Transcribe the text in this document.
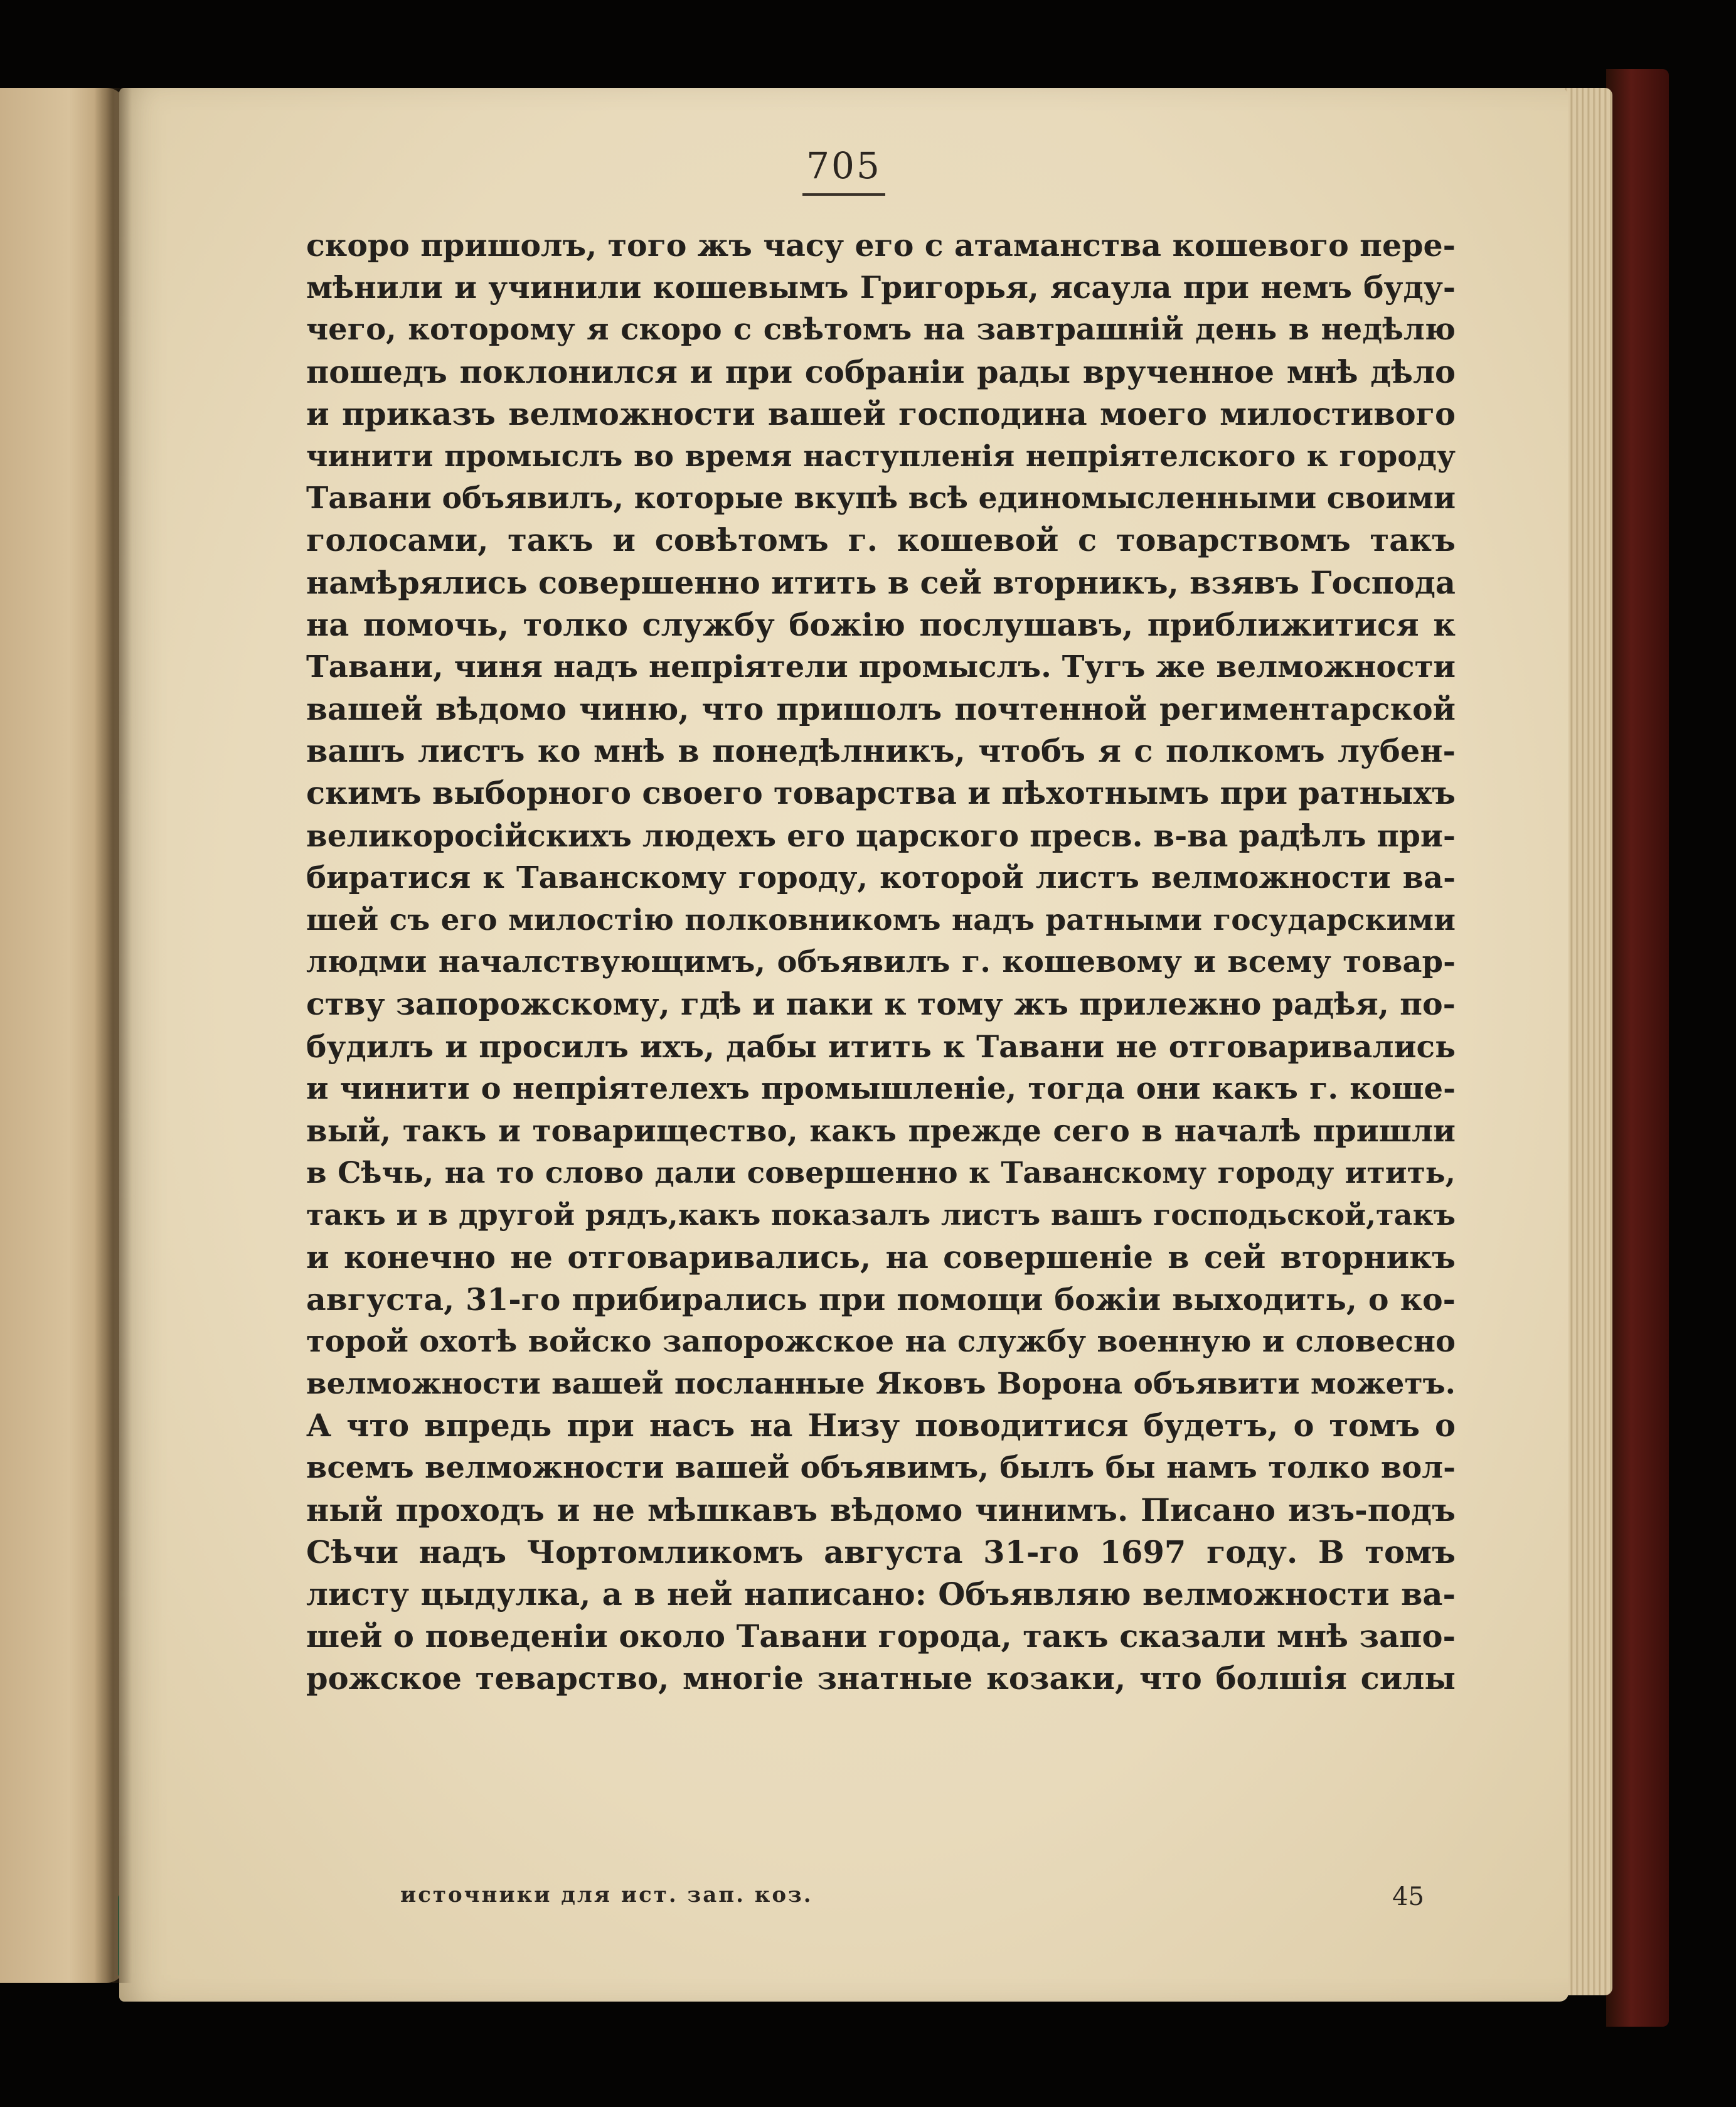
705
скоро пришолъ, того жъ часу его с атаманства кошевого пере-
мѣнили и учинили кошевымъ Григорья, ясаула при немъ буду-
чего, которому я скоро с свѣтомъ на завтрашній день в недѣлю
пошедъ поклонился и при собраніи рады врученное мнѣ дѣло
и приказъ велможности вашей господина моего милостивого
чинити промыслъ во время наступленія непріятелского к городу
Тавани объявилъ, которые вкупѣ всѣ единомысленными своими
голосами, такъ и совѣтомъ г. кошевой с товарствомъ такъ
намѣрялись совершенно итить в сей вторникъ, взявъ Господа
на помочь, толко службу божію послушавъ, приближитися к
Тавани, чиня надъ непріятели промыслъ. Тугъ же велможности
вашей вѣдомо чиню, что пришолъ почтенной региментарской
вашъ листъ ко мнѣ в понедѣлникъ, чтобъ я с полкомъ лубен-
скимъ выборного своего товарства и пѣхотнымъ при ратныхъ
великоросійскихъ людехъ его царского пресв. в-ва радѣлъ при-
биратися к Таванскому городу, которой листъ велможности ва-
шей съ его милостію полковникомъ надъ ратными государскими
людми началствующимъ, объявилъ г. кошевому и всему товар-
ству запорожскому, гдѣ и паки к тому жъ прилежно радѣя, по-
будилъ и просилъ ихъ, дабы итить к Тавани не отговаривались
и чинити о непріятелехъ промышленіе, тогда они какъ г. коше-
вый, такъ и товарищество, какъ прежде сего в началѣ пришли
в Сѣчь, на то слово дали совершенно к Таванскому городу итить,
такъ и в другой рядъ,какъ показалъ листъ вашъ господьской,такъ
и конечно не отговаривались, на совершеніе в сей вторникъ
августа, 31-го прибирались при помощи божіи выходить, о ко-
торой охотѣ войско запорожское на службу военную и словесно
велможности вашей посланные Яковъ Ворона объявити можетъ.
А что впредь при насъ на Низу поводитися будетъ, о томъ о
всемъ велможности вашей объявимъ, былъ бы намъ толко вол-
ный проходъ и не мѣшкавъ вѣдомо чинимъ. Писано изъ-подъ
Сѣчи надъ Чортомликомъ августа 31-го 1697 году. В томъ
листу цыдулка, а в ней написано: Объявляю велможности ва-
шей о поведеніи около Тавани города, такъ сказали мнѣ запо-
рожское теварство, многіе знатные козаки, что болшія силы
источники для ист. зап. коз.	45
